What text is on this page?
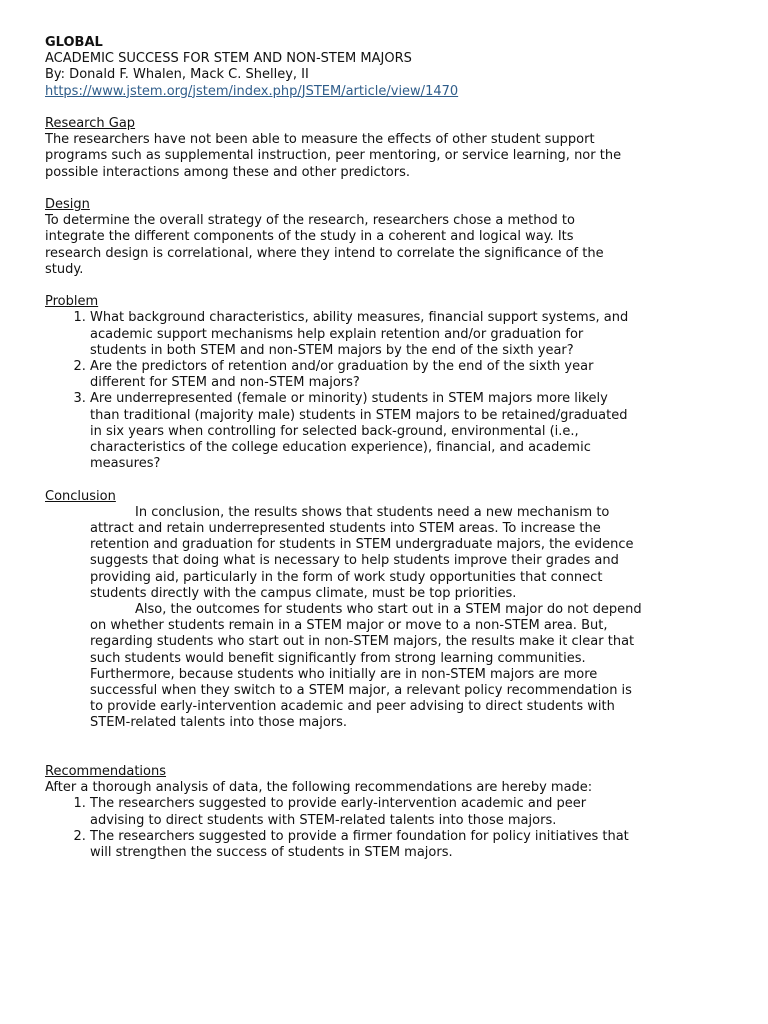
GLOBAL
ACADEMIC SUCCESS FOR STEM AND NON-STEM MAJORS
By: Donald F. Whalen, Mack C. Shelley, II
https://www.jstem.org/jstem/index.php/JSTEM/article/view/1470
Research Gap
The researchers have not been able to measure the effects of other student support
programs such as supplemental instruction, peer mentoring, or service learning, nor the
possible interactions among these and other predictors.
Design
To determine the overall strategy of the research, researchers chose a method to
integrate the different components of the study in a coherent and logical way. Its
research design is correlational, where they intend to correlate the significance of the
study.
Problem
1. What background characteristics, ability measures, financial support systems, and
academic support mechanisms help explain retention and/or graduation for
students in both STEM and non-STEM majors by the end of the sixth year?
2. Are the predictors of retention and/or graduation by the end of the sixth year
different for STEM and non-STEM majors?
3. Are underrepresented (female or minority) students in STEM majors more likely
than traditional (majority male) students in STEM majors to be retained/graduated
in six years when controlling for selected back-ground, environmental (i.e.,
characteristics of the college education experience), financial, and academic
measures?
Conclusion
In conclusion, the results shows that students need a new mechanism to
attract and retain underrepresented students into STEM areas. To increase the
retention and graduation for students in STEM undergraduate majors, the evidence
suggests that doing what is necessary to help students improve their grades and
providing aid, particularly in the form of work study opportunities that connect
students directly with the campus climate, must be top priorities.
Also, the outcomes for students who start out in a STEM major do not depend
on whether students remain in a STEM major or move to a non-STEM area. But,
regarding students who start out in non-STEM majors, the results make it clear that
such students would benefit significantly from strong learning communities.
Furthermore, because students who initially are in non-STEM majors are more
successful when they switch to a STEM major, a relevant policy recommendation is
to provide early-intervention academic and peer advising to direct students with
STEM-related talents into those majors.
Recommendations
After a thorough analysis of data, the following recommendations are hereby made:
1. The researchers suggested to provide early-intervention academic and peer
advising to direct students with STEM-related talents into those majors.
2. The researchers suggested to provide a firmer foundation for policy initiatives that
will strengthen the success of students in STEM majors.
